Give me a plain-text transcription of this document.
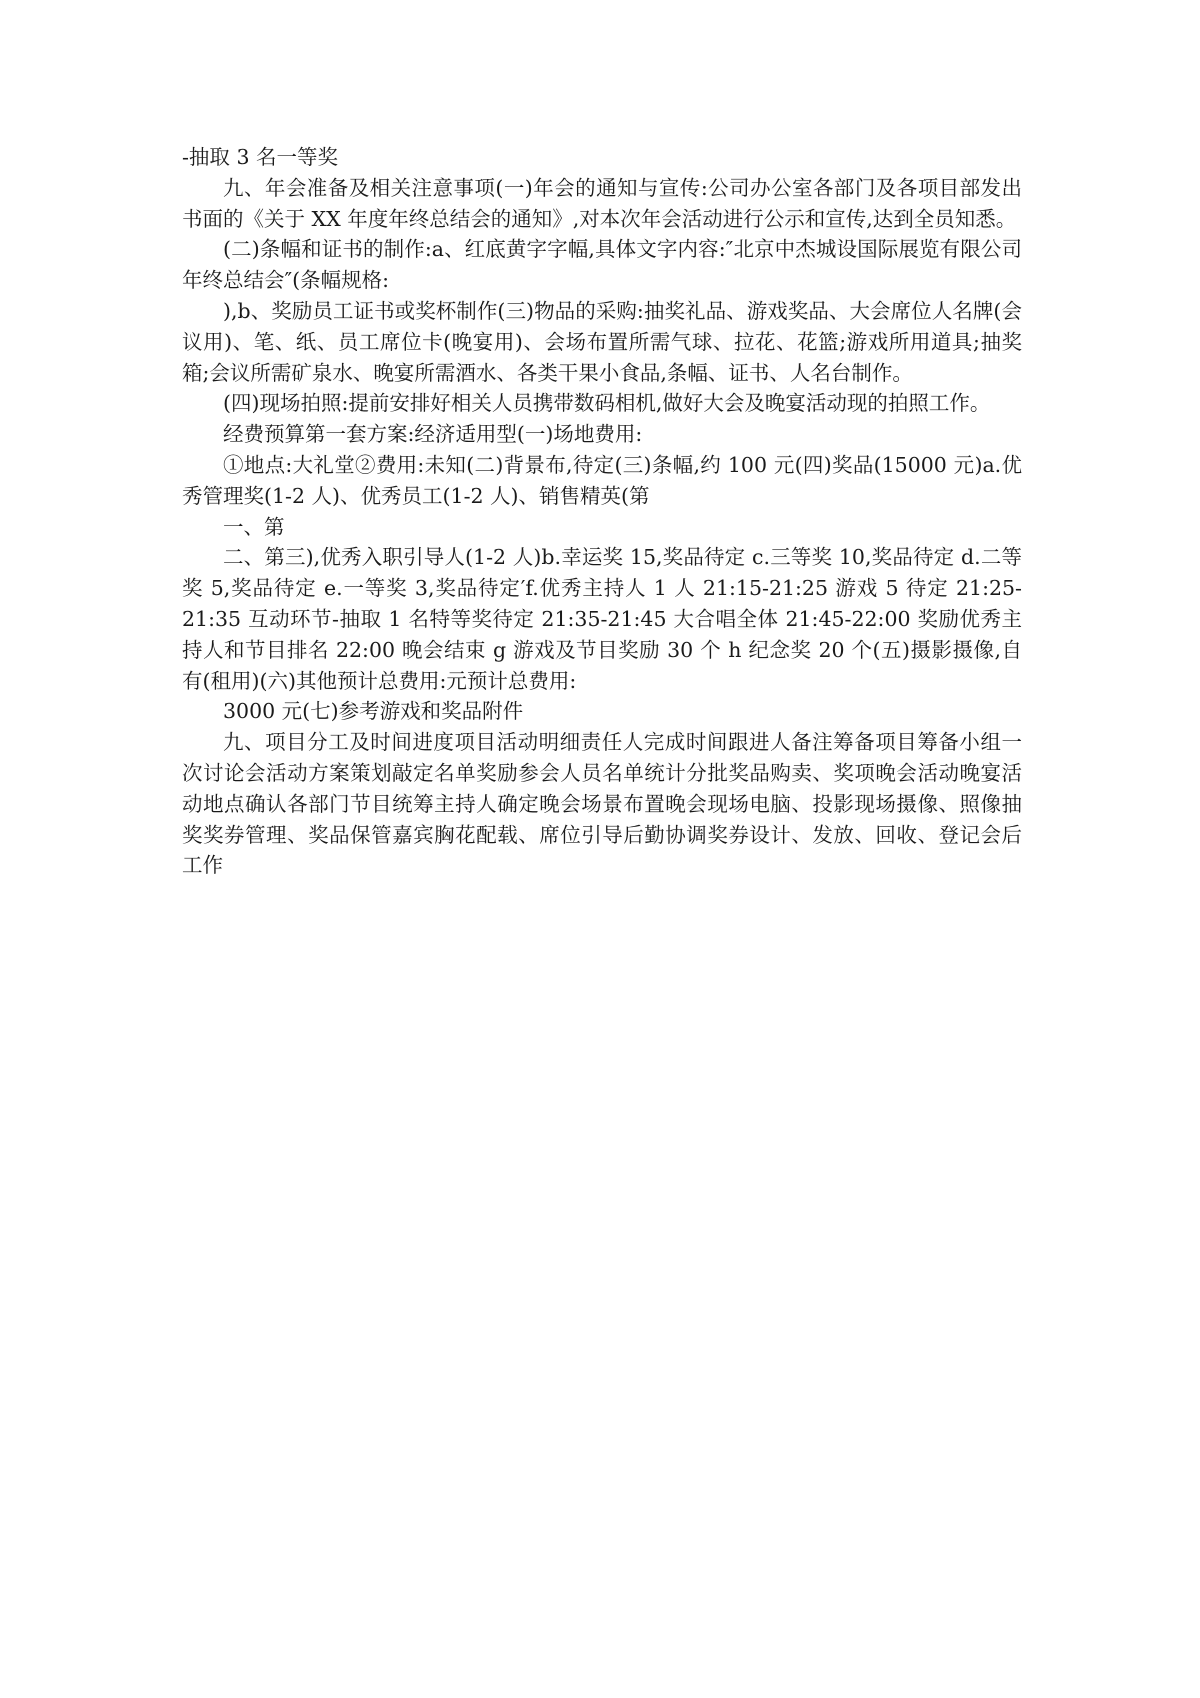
-抽取 3 名一等奖

九、年会准备及相关注意事项(一)年会的通知与宣传:公司办公室各部门及各项目部发出书面的《关于 XX 年度年终总结会的通知》,对本次年会活动进行公示和宣传,达到全员知悉。

(二)条幅和证书的制作:a、红底黄字字幅,具体文字内容:″北京中杰城设国际展览有限公司年终总结会″(条幅规格:

),b、奖励员工证书或奖杯制作(三)物品的采购:抽奖礼品、游戏奖品、大会席位人名牌(会议用)、笔、纸、员工席位卡(晚宴用)、会场布置所需气球、拉花、花篮;游戏所用道具;抽奖箱;会议所需矿泉水、晚宴所需酒水、各类干果小食品,条幅、证书、人名台制作。

(四)现场拍照:提前安排好相关人员携带数码相机,做好大会及晚宴活动现的拍照工作。

经费预算第一套方案:经济适用型(一)场地费用:

①地点:大礼堂②费用:未知(二)背景布,待定(三)条幅,约 100 元(四)奖品(15000 元)a.优秀管理奖(1-2 人)、优秀员工(1-2 人)、销售精英(第

一、第

二、第三),优秀入职引导人(1-2 人)b.幸运奖 15,奖品待定 c.三等奖 10,奖品待定 d.二等奖 5,奖品待定 e.一等奖 3,奖品待定′f.优秀主持人 1 人 21:15-21:25 游戏 5 待定 21:25-21:35 互动环节-抽取 1 名特等奖待定 21:35-21:45 大合唱全体 21:45-22:00 奖励优秀主持人和节目排名 22:00 晚会结束 g 游戏及节目奖励 30 个 h 纪念奖 20 个(五)摄影摄像,自有(租用)(六)其他预计总费用:元预计总费用:

3000 元(七)参考游戏和奖品附件

九、项目分工及时间进度项目活动明细责任人完成时间跟进人备注筹备项目筹备小组一次讨论会活动方案策划敲定名单奖励参会人员名单统计分批奖品购卖、奖项晚会活动晚宴活动地点确认各部门节目统筹主持人确定晚会场景布置晚会现场电脑、投影现场摄像、照像抽奖奖券管理、奖品保管嘉宾胸花配载、席位引导后勤协调奖券设计、发放、回收、登记会后工作
